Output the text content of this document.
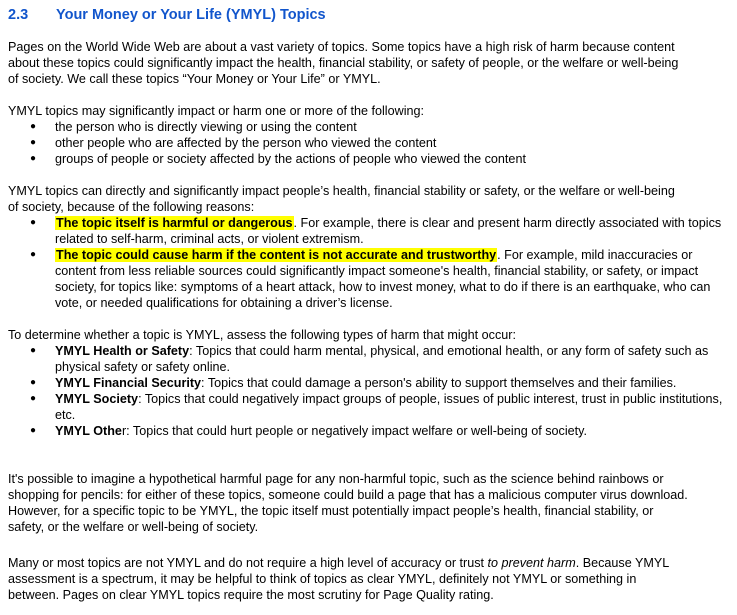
2.3 Your Money or Your Life (YMYL) Topics

Pages on the World Wide Web are about a vast variety of topics. Some topics have a high risk of harm because content

about these topics could significantly impact the health, financial stability, or safety of people, or the welfare or well-being

of society. We call these topics “Your Money or Your Life” or YMYL.

YMYL topics may significantly impact or harm one or more of the following:

● the person who is directly viewing or using the content
● other people who are affected by the person who viewed the content
● groups of people or society affected by the actions of people who viewed the content

YMYL topics can directly and significantly impact people’s health, financial stability or safety, or the welfare or well-being

of society, because of the following reasons:

● The topic itself is harmful or dangerous. For example, there is clear and present harm directly associated with topics related to self-harm, criminal acts, or violent extremism.
● The topic could cause harm if the content is not accurate and trustworthy. For example, mild inaccuracies or content from less reliable sources could significantly impact someone's health, financial stability, or safety, or impact society, for topics like: symptoms of a heart attack, how to invest money, what to do if there is an earthquake, who can vote, or needed qualifications for obtaining a driver’s license.

To determine whether a topic is YMYL, assess the following types of harm that might occur:

● YMYL Health or Safety: Topics that could harm mental, physical, and emotional health, or any form of safety such as physical safety or safety online.
● YMYL Financial Security: Topics that could damage a person's ability to support themselves and their families.
● YMYL Society: Topics that could negatively impact groups of people, issues of public interest, trust in public institutions, etc.
● YMYL Other: Topics that could hurt people or negatively impact welfare or well-being of society.

It's possible to imagine a hypothetical harmful page for any non-harmful topic, such as the science behind rainbows or

shopping for pencils: for either of these topics, someone could build a page that has a malicious computer virus download.

However, for a specific topic to be YMYL, the topic itself must potentially impact people’s health, financial stability, or

safety, or the welfare or well-being of society.

Many or most topics are not YMYL and do not require a high level of accuracy or trust to prevent harm. Because YMYL

assessment is a spectrum, it may be helpful to think of topics as clear YMYL, definitely not YMYL or something in

between. Pages on clear YMYL topics require the most scrutiny for Page Quality rating.
